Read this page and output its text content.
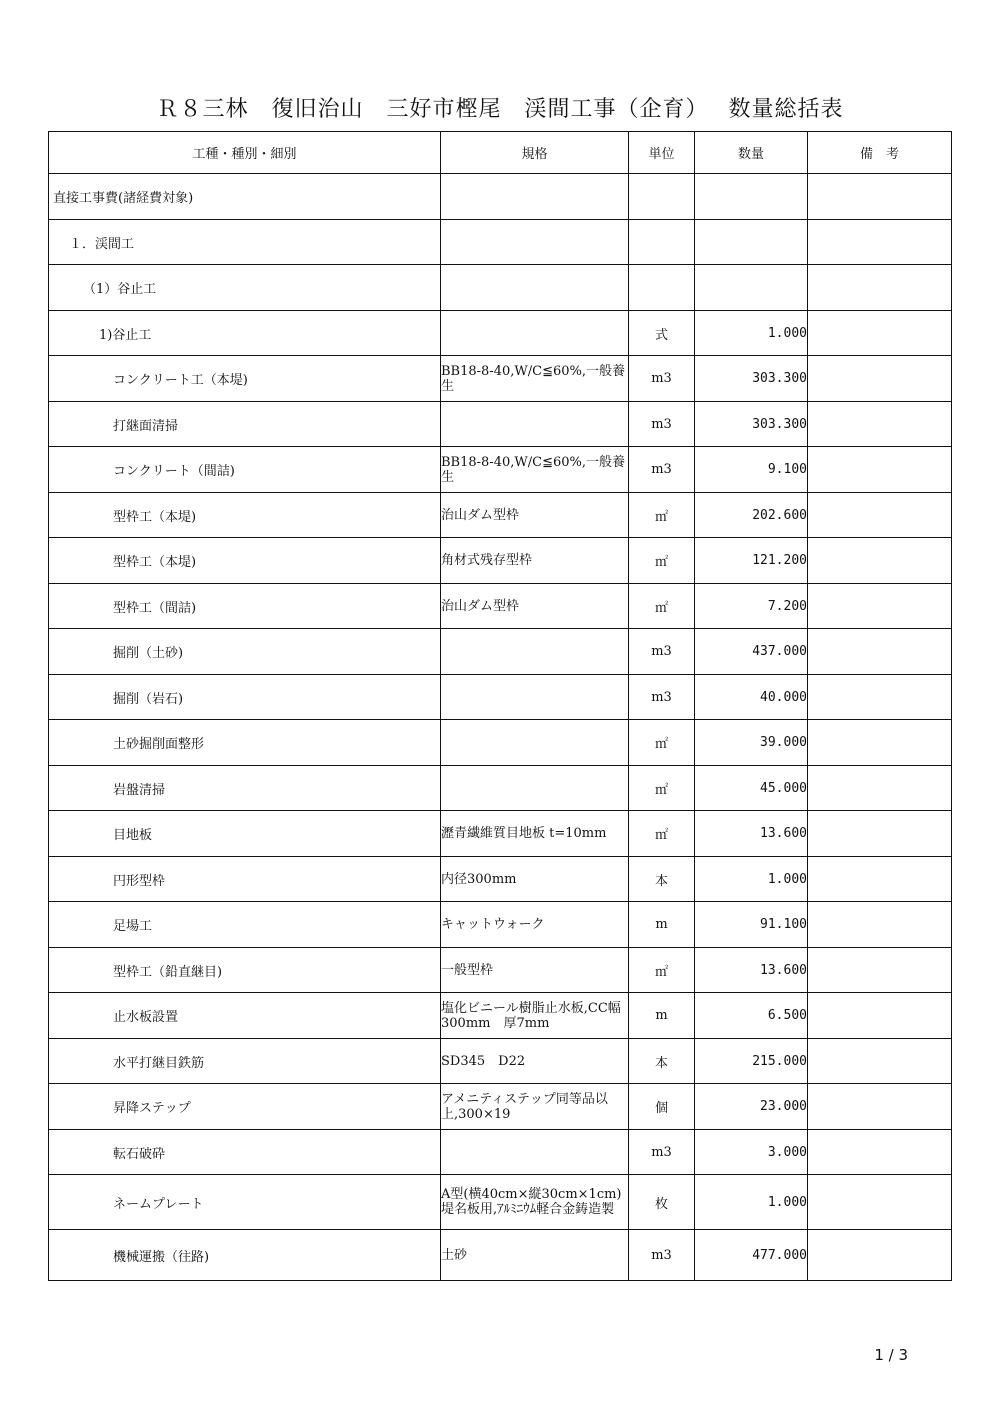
Ｒ８三林　復旧治山　三好市樫尾　渓間工事（企育）　 数量総括表
工種・種別・細別	規格	単位	数量	備　考
直接工事費(諸経費対象)				
１．渓間工				
（1）谷止工				
1)谷止工		式	1.000	
コンクリート工（本堤)	BB18-8-40,W/C≦60%,一般養生	m3	303.300	
打継面清掃		m3	303.300	
コンクリート（間詰)	BB18-8-40,W/C≦60%,一般養生	m3	9.100	
型枠工（本堤)	治山ダム型枠	㎡	202.600	
型枠工（本堤)	角材式残存型枠	㎡	121.200	
型枠工（間詰)	治山ダム型枠	㎡	7.200	
掘削（土砂)		m3	437.000	
掘削（岩石)		m3	40.000	
土砂掘削面整形		㎡	39.000	
岩盤清掃		㎡	45.000	
目地板	瀝青繊維質目地板 t=10mm	㎡	13.600	
円形型枠	内径300mm	本	1.000	
足場工	キャットウォーク	m	91.100	
型枠工（鉛直継目)	一般型枠	㎡	13.600	
止水板設置	塩化ビニール樹脂止水板,CC幅300mm　厚7mm	m	6.500	
水平打継目鉄筋	SD345　D22	本	215.000	
昇降ステップ	アメニティステップ同等品以上,300×19	個	23.000	
転石破砕		m3	3.000	
ネームプレート	A型(横40cm×縦30cm×1cm)　堤名板用,ｱﾙﾐﾆｳﾑ軽合金鋳造製	枚	1.000	
機械運搬（往路)	土砂	m3	477.000	
1 / 3
